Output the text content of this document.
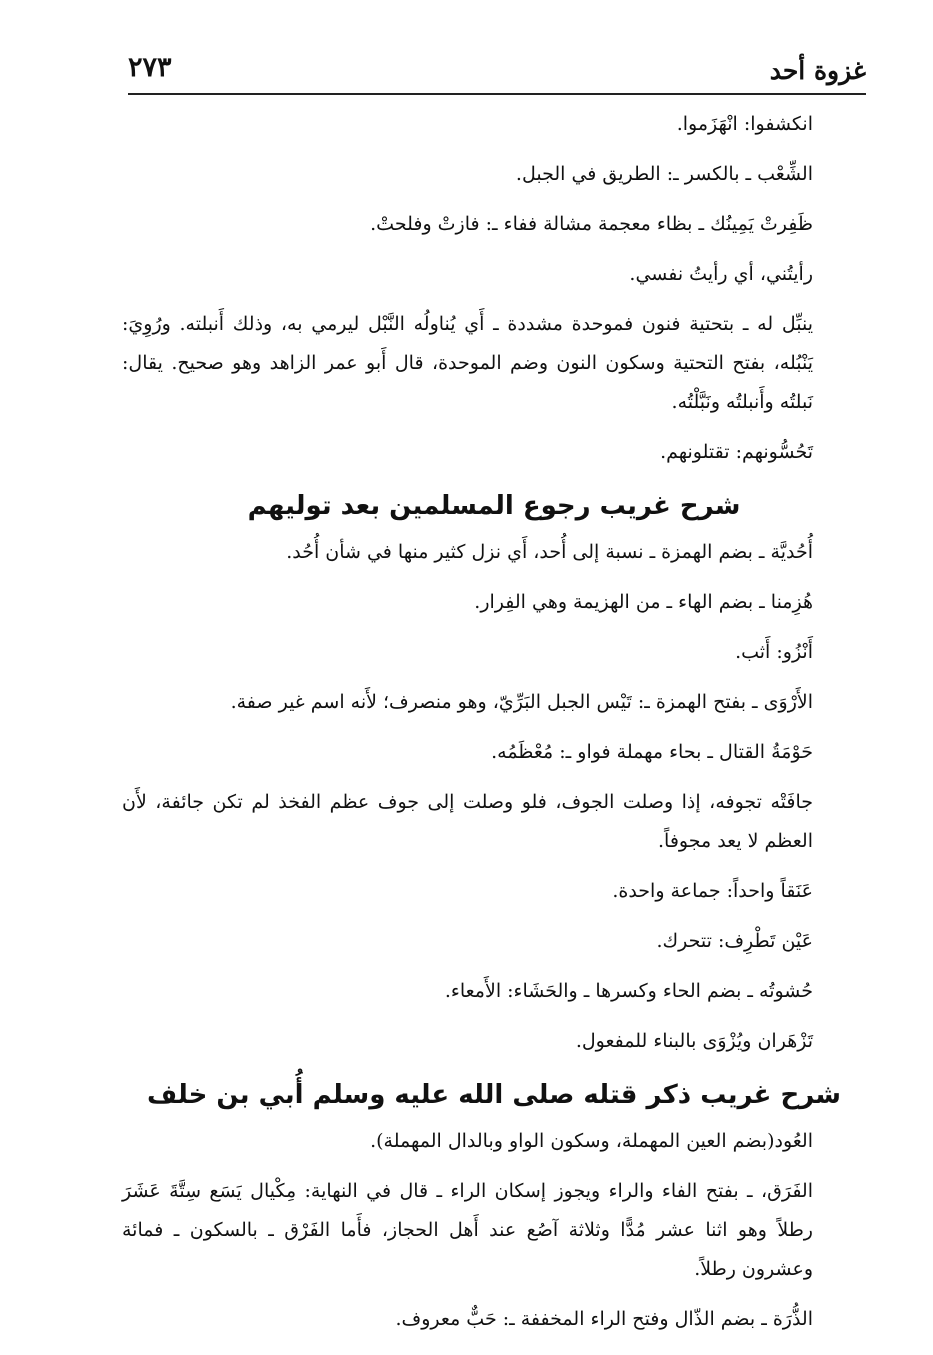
غزوة أحد
٢٧٣

انكشفوا: انْهَزَموا.

الشِّعْب ـ بالكسر ـ: الطريق في الجبل.

ظَفِرتْ يَمِينُك ـ بظاء معجمة مشالة ففاء ـ: فازتْ وفلحتْ.

رأيتُني، أي رأيتُ نفسي.

ينبِّل له ـ بتحتية فنون فموحدة مشددة ـ أَي يُناولُه النَّبْل ليرمي به، وذلك أَنبلته. ورُوِيَ: يَنْبُله، بفتح التحتية وسكون النون وضم الموحدة، قال أَبو عمر الزاهد وهو صحيح. يقال: نَبلتُه وأَنبلتُه ونَبَّلْتُه.

تَحُسُّونهم: تقتلونهم.

شرح غريب رجوع المسلمين بعد توليهم

أُحُديَّة ـ بضم الهمزة ـ نسبة إلى أُحد، أَي نزل كثير منها في شأن أُحُد.

هُزِمنا ـ بضم الهاء ـ من الهزيمة وهي الفِرار.

أَنْزُو: أَثب.

الأَرْوَى ـ بفتح الهمزة ـ: تَيْس الجبل البَرِّيّ، وهو منصرف؛ لأَنه اسم غير صفة.

حَوْمَةُ القتال ـ بحاء مهملة فواو ـ: مُعْظَمُه.

جافَتْه تجوفه، إذا وصلت الجوف، فلو وصلت إلى جوف عظم الفخذ لم تكن جائفة، لأَن العظم لا يعد مجوفاً.

عَنَقاً واحداً: جماعة واحدة.

عَيْن تَطْرِف: تتحرك.

حُشوتُه ـ بضم الحاء وكسرها ـ والحَشَاء: الأَمعاء.

تَزْهَران ويُزْوَى بالبناء للمفعول.

شرح غريب ذكر قتله صلى الله عليه وسلم أُبي بن خلف

العُود(بضم العين المهملة، وسكون الواو وبالدال المهملة).

الفَرَق، ـ بفتح الفاء والراء ويجوز إسكان الراء ـ قال في النهاية: مِكْيال يَسَع سِتَّةَ عَشَرَ رطلاً وهو اثنا عشر مُدًّا وثلاثة آصُع عند أَهل الحجاز، فأَما الفَرْق ـ بالسكون ـ فمائة وعشرون رطلاً.

الذُّرَة ـ بضم الذّال وفتح الراء المخففة ـ: حَبٌّ معروف.
